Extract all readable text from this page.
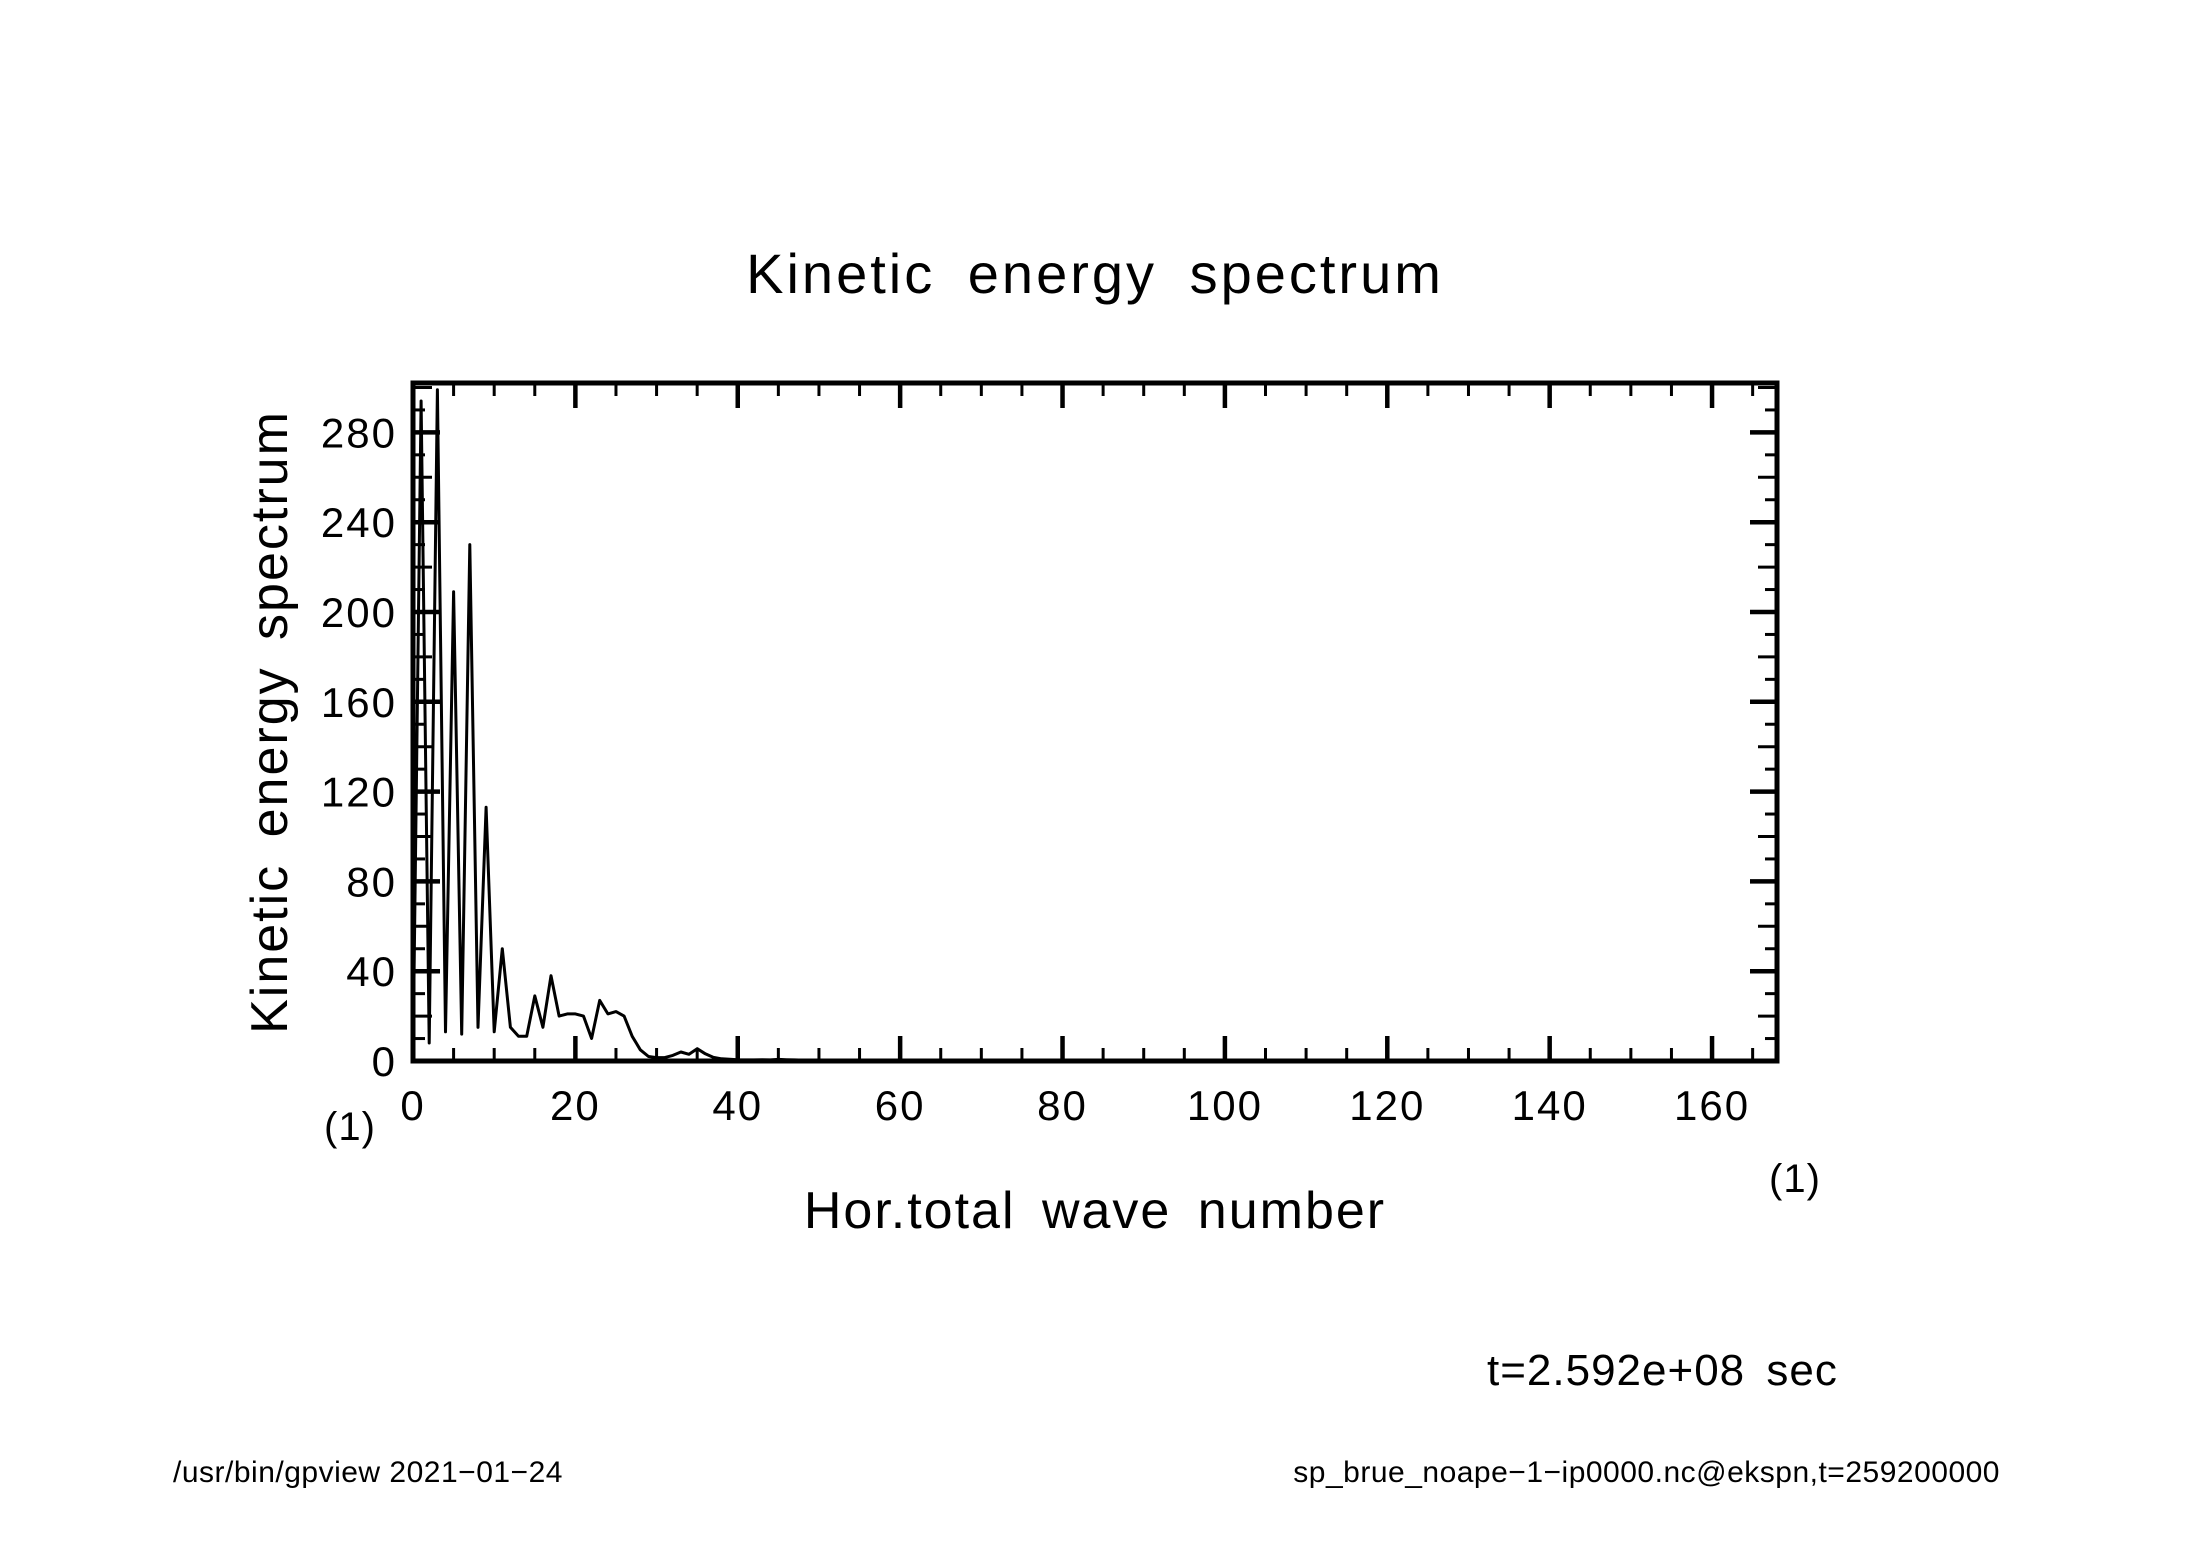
Kinetic energy spectrum
Kinetic energy spectrum
Hor.total wave number
(1)
(1)
t=2.592e+08 sec
/usr/bin/gpview 2021−01−24	sp_brue_noape−1−ip0000.nc@ekspn,t=259200000
0	20	40	60	80 100 120 140 160
0
40
80
120
160
200
240
280
